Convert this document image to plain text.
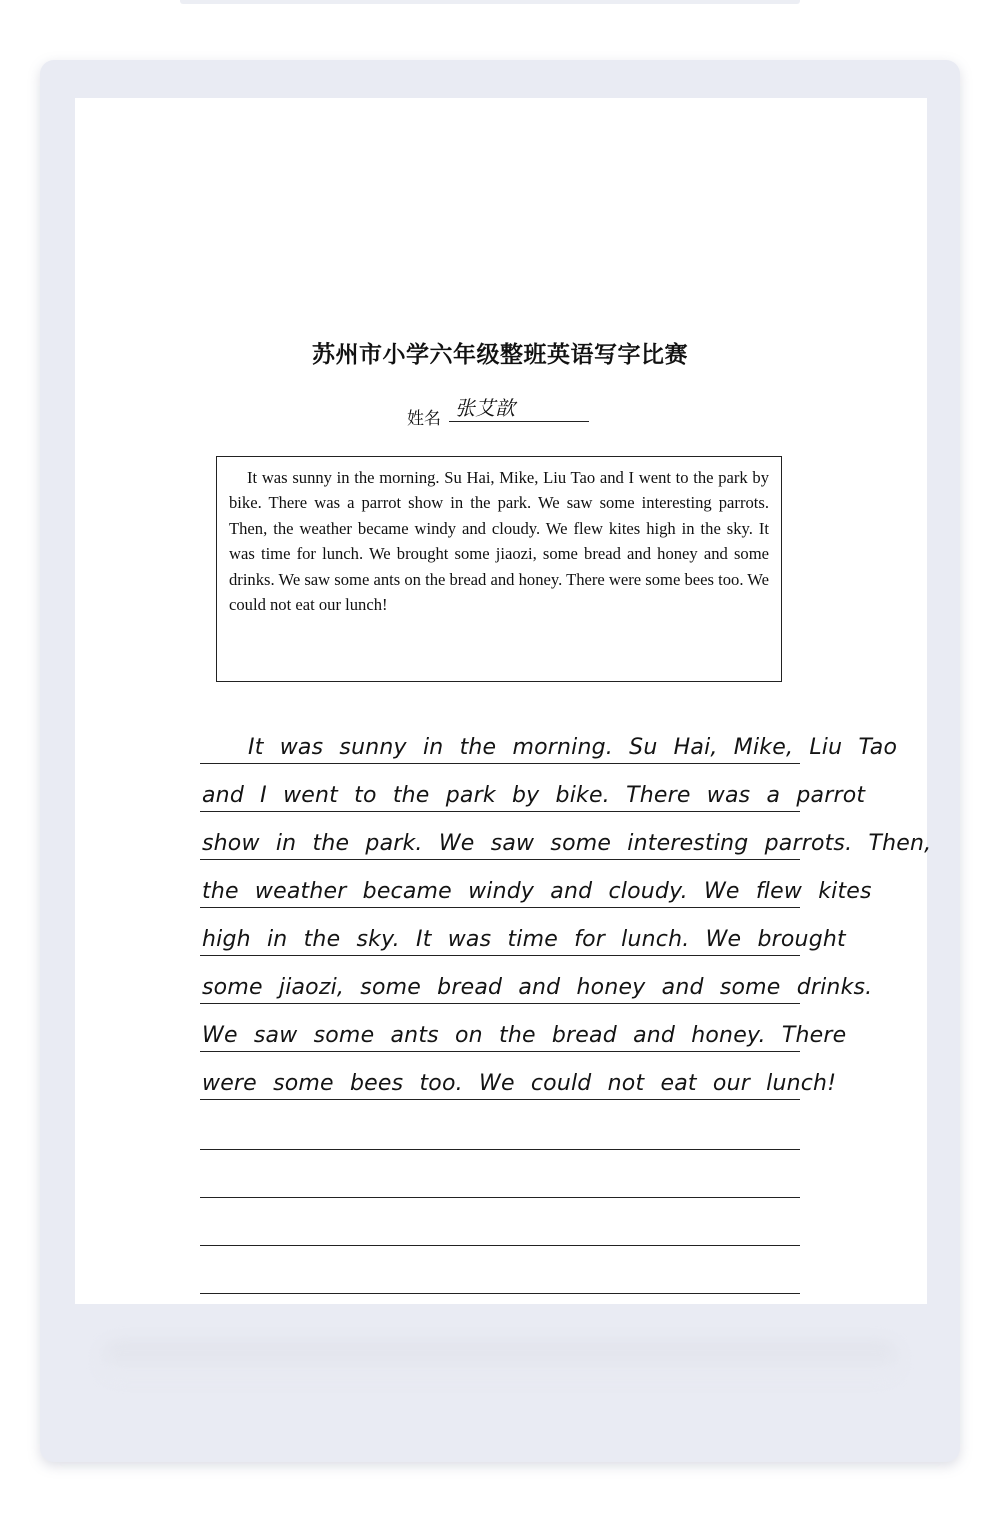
苏州市小学六年级整班英语写字比赛
姓名 张艾歆
It was sunny in the morning. Su Hai, Mike, Liu Tao and I went to the park by bike. There was a parrot show in the park. We saw some interesting parrots. Then, the weather became windy and cloudy. We flew kites high in the sky. It was time for lunch. We brought some jiaozi, some bread and honey and some drinks. We saw some ants on the bread and honey. There were some bees too. We could not eat our lunch!
It was sunny in the morning. Su Hai, Mike, Liu Tao
and I went to the park by bike. There was a parrot
show in the park. We saw some interesting parrots. Then,
the weather became windy and cloudy. We flew kites
high in the sky. It was time for lunch. We brought
some jiaozi, some bread and honey and some drinks.
We saw some ants on the bread and honey. There
were some bees too. We could not eat our lunch!
